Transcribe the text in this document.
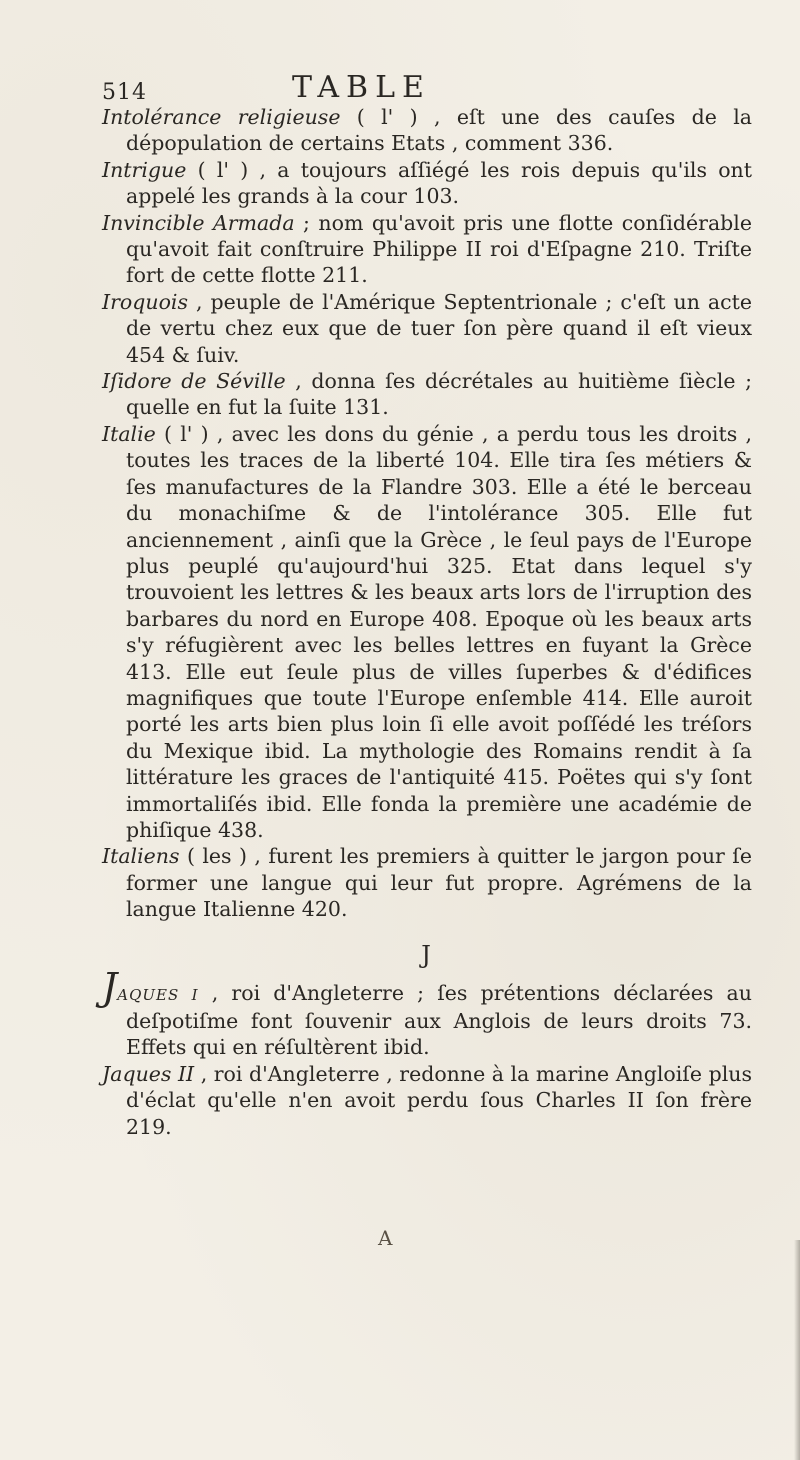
514	TABLE

Intolérance religieuse ( l' ) , eſt une des cauſes de la dépopulation de certains Etats , comment 336.

Intrigue ( l' ) , a toujours aſſiégé les rois depuis qu'ils ont appelé les grands à la cour 103.

Invincible Armada ; nom qu'avoit pris une flotte conſidérable qu'avoit fait conſtruire Philippe II roi d'Eſpagne 210. Triſte fort de cette flotte 211.

Iroquois , peuple de l'Amérique Septentrionale ; c'eſt un acte de vertu chez eux que de tuer ſon père quand il eſt vieux 454 & ſuiv.

Iſidore de Séville , donna ſes décrétales au huitième ſiècle ; quelle en fut la ſuite 131.

Italie ( l' ) , avec les dons du génie , a perdu tous les droits , toutes les traces de la liberté 104. Elle tira ſes métiers & ſes manufactures de la Flandre 303. Elle a été le berceau du monachiſme & de l'intolérance 305. Elle fut anciennement , ainſi que la Grèce , le ſeul pays de l'Europe plus peuplé qu'aujourd'hui 325. Etat dans lequel s'y trouvoient les lettres & les beaux arts lors de l'irruption des barbares du nord en Europe 408. Epoque où les beaux arts s'y réfugièrent avec les belles lettres en fuyant la Grèce 413. Elle eut ſeule plus de villes ſuperbes & d'édifices magnifiques que toute l'Europe enſemble 414. Elle auroit porté les arts bien plus loin ſi elle avoit poſſédé les tréſors du Mexique ibid. La mythologie des Romains rendit à ſa littérature les graces de l'antiquité 415. Poëtes qui s'y ſont immortaliſés ibid. Elle fonda la première une académie de phiſique 438.

Italiens ( les ) , furent les premiers à quitter le jargon pour ſe former une langue qui leur fut propre. Agrémens de la langue Italienne 420.

J

JAQUES I , roi d'Angleterre ; ſes prétentions déclarées au deſpotiſme font ſouvenir aux Anglois de leurs droits 73. Effets qui en réſultèrent ibid.

Jaques II , roi d'Angleterre , redonne à la marine Angloiſe plus d'éclat qu'elle n'en avoit perdu ſous Charles II ſon frère 219.

A
